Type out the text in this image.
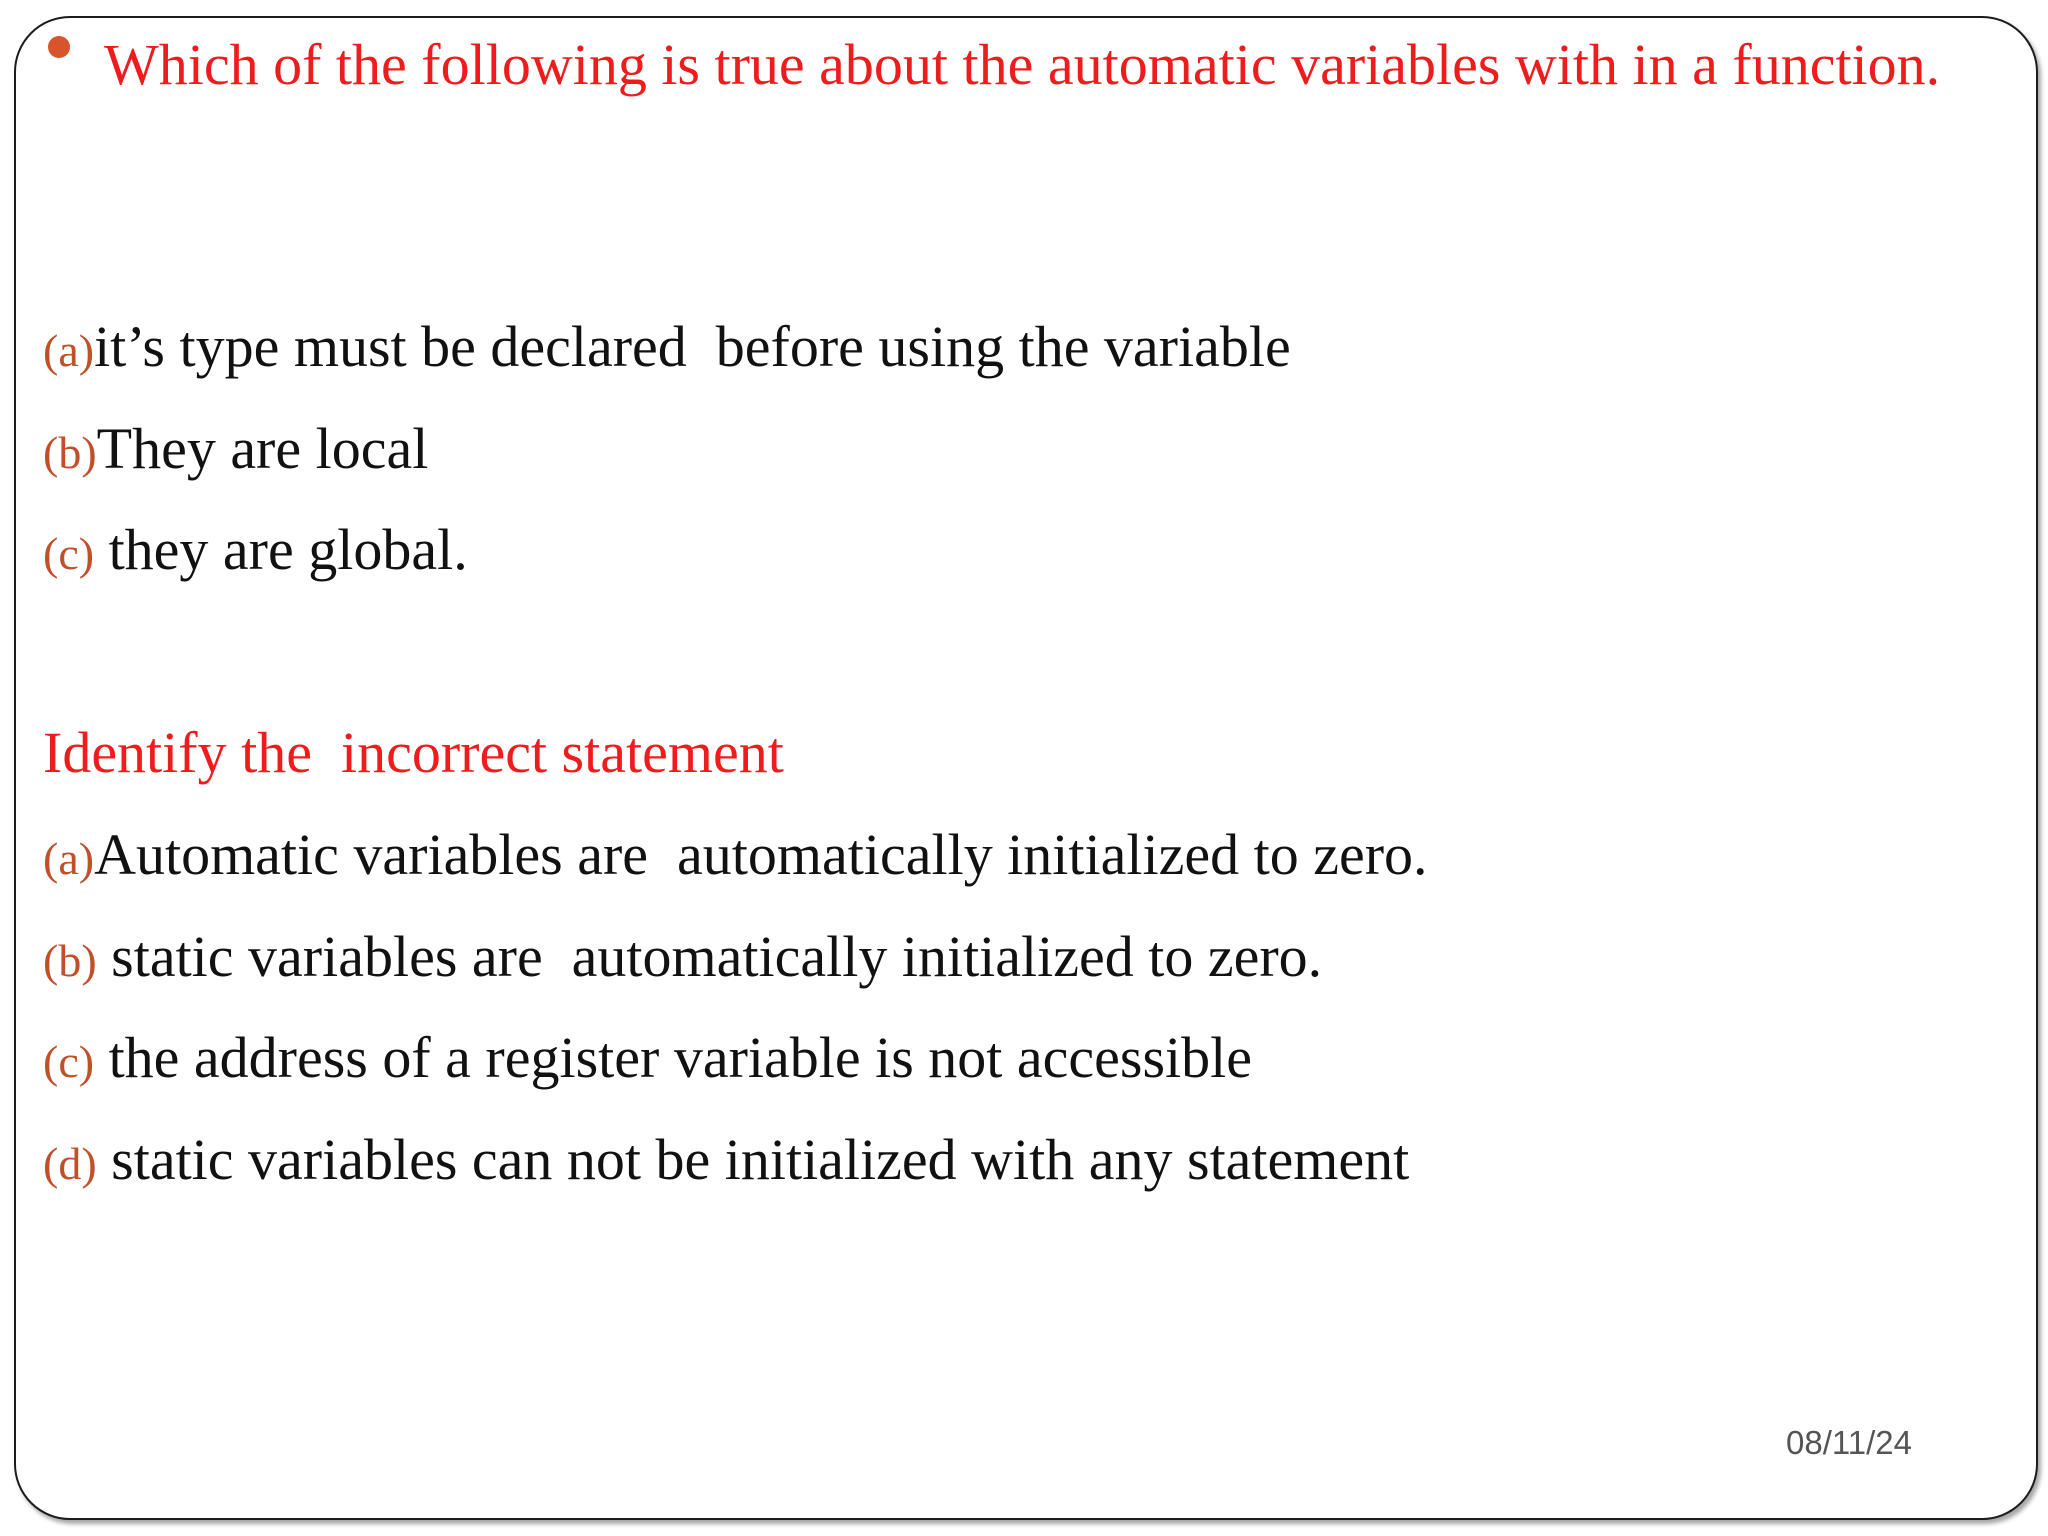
Which of the following is true about the automatic variables with in a function.
(a)it’s type must be declared  before using the variable
(b)They are local
(c) they are global.
Identify the  incorrect statement
(a)Automatic variables are  automatically initialized to zero.
(b) static variables are  automatically initialized to zero.
(c) the address of a register variable is not accessible
(d) static variables can not be initialized with any statement
08/11/24
